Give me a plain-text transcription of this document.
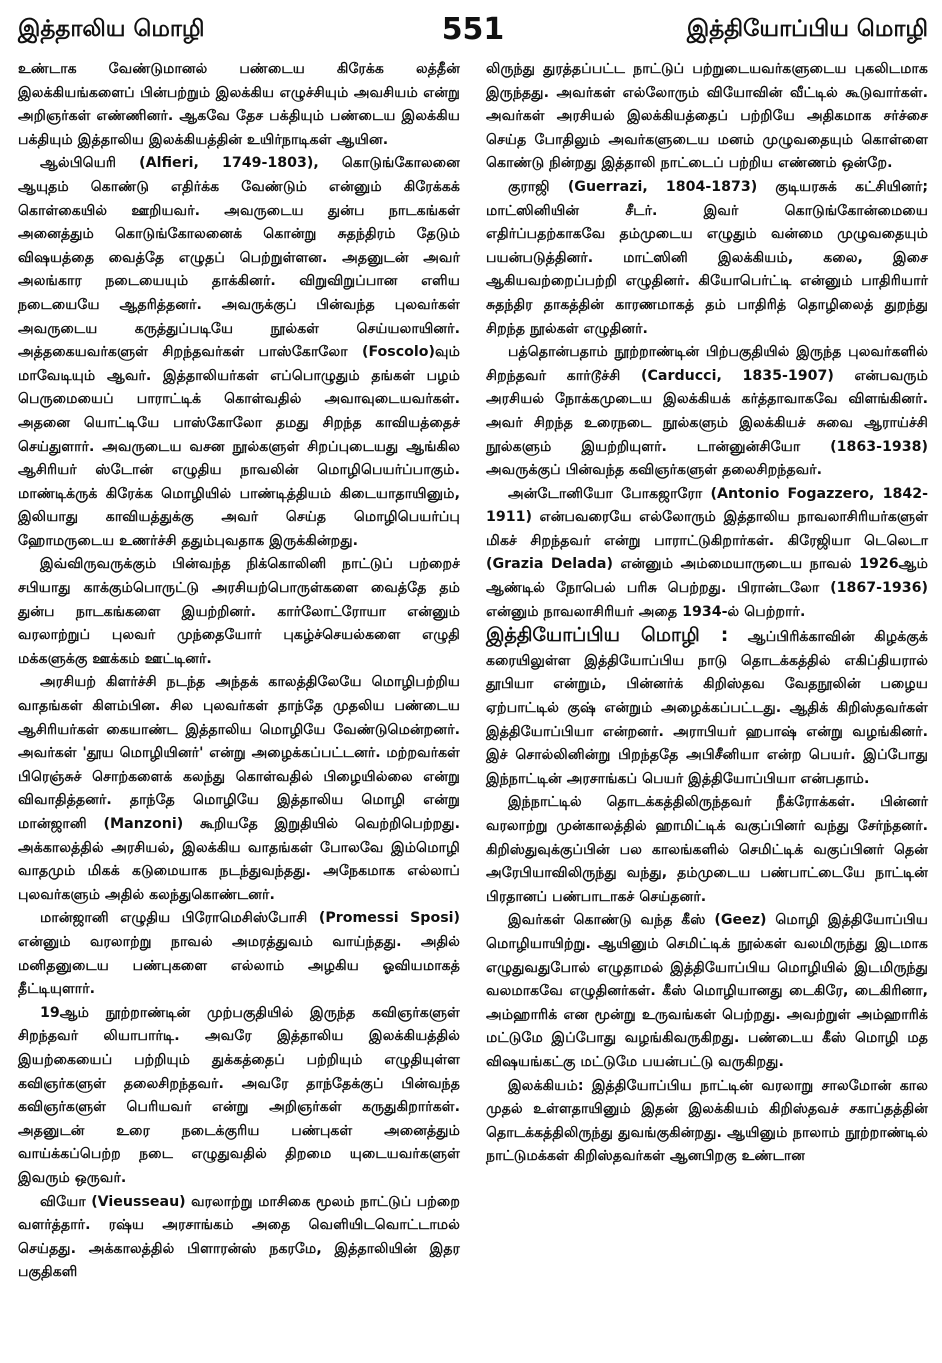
இத்தாலிய மொழி	551	இத்தியோப்பிய மொழி

உண்டாக வேண்டுமானல் பண்டைய கிரேக்க லத்தீன் இலக்கியங்களைப் பின்பற்றும் இலக்கிய எழுச்சியும் அவசியம் என்று அறிஞர்கள் எண்ணினர். ஆகவே தேச பக்தியும் பண்டைய இலக்கிய பக்தியும் இத்தாலிய இலக்கியத்தின் உயிர்நாடிகள் ஆயின.

ஆல்பியெரி (Alfieri, 1749-1803), கொடுங்கோலனை ஆயுதம் கொண்டு எதிர்க்க வேண்டும் என்னும் கிரேக்கக் கொள்கையில் ஊறியவர். அவருடைய துன்ப நாடகங்கள் அனைத்தும் கொடுங்கோலனைக் கொன்று சுதந்திரம் தேடும் விஷயத்தை வைத்தே எழுதப் பெற்றுள்ளன. அதனுடன் அவர் அலங்கார நடையையும் தாக்கினர். விறுவிறுப்பான எளிய நடையையே ஆதரித்தனர். அவருக்குப் பின்வந்த புலவர்கள் அவருடைய கருத்துப்படியே நூல்கள் செய்யலாயினர். அத்தகையவர்களுள் சிறந்தவர்கள் பாஸ்கோலோ (Foscolo)வும் மாவேடியும் ஆவர். இத்தாலியர்கள் எப்பொழுதும் தங்கள் பழம் பெருமையைப் பாராட்டிக் கொள்வதில் அவாவுடையவர்கள். அதனை யொட்டியே பாஸ்கோலோ தமது சிறந்த காவியத்தைச் செய்துளார். அவருடைய வசன நூல்களுள் சிறப்புடையது ஆங்கில ஆசிரியர் ஸ்டோன் எழுதிய நாவலின் மொழிபெயர்ப்பாகும். மாண்டிக்ருக் கிரேக்க மொழியில் பாண்டித்தியம் கிடையாதாயினும், இலியாது காவியத்துக்கு அவர் செய்த மொழிபெயர்ப்பு ஹோமருடைய உணர்ச்சி ததும்புவதாக இருக்கின்றது.

இவ்விருவருக்கும் பின்வந்த நிக்கொலினி நாட்டுப் பற்றைச் சபியாது காக்கும்பொருட்டு அரசியற்பொருள்களை வைத்தே தம் துன்ப நாடகங்களை இயற்றினர். கார்லோட்ரோயா என்னும் வரலாற்றுப் புலவர் முந்தையோர் புகழ்ச்செயல்களை எழுதி மக்களுக்கு ஊக்கம் ஊட்டினர்.

அரசியற் கிளர்ச்சி நடந்த அந்தக் காலத்திலேயே மொழிபற்றிய வாதங்கள் கிளம்பின. சில புலவர்கள் தாந்தே முதலிய பண்டைய ஆசிரியர்கள் கையாண்ட இத்தாலிய மொழியே வேண்டுமென்றனர். அவர்கள் 'தூய மொழியினர்' என்று அழைக்கப்பட்டனர். மற்றவர்கள் பிரெஞ்சுச் சொற்களைக் கலந்து கொள்வதில் பிழையில்லை என்று விவாதித்தனர். தாந்தே மொழியே இத்தாலிய மொழி என்று மான்ஜானி (Manzoni) கூறியதே இறுதியில் வெற்றிபெற்றது. அக்காலத்தில் அரசியல், இலக்கிய வாதங்கள் போலவே இம்மொழி வாதமும் மிகக் கடுமையாக நடந்துவந்தது. அநேகமாக எல்லாப் புலவர்களும் அதில் கலந்துகொண்டனர்.

மான்ஜானி எழுதிய பிரோமெசிஸ்போசி (Promessi Sposi) என்னும் வரலாற்று நாவல் அமரத்துவம் வாய்ந்தது. அதில் மனிதனுடைய பண்புகளை எல்லாம் அழகிய ஓவியமாகத் தீட்டியுளார்.

19ஆம் நூற்றாண்டின் முற்பகுதியில் இருந்த கவிஞர்களுள் சிறந்தவர் லியாபார்டி. அவரே இத்தாலிய இலக்கியத்தில் இயற்கையைப் பற்றியும் துக்கத்தைப் பற்றியும் எழுதியுள்ள கவிஞர்களுள் தலைசிறந்தவர். அவரே தாந்தேக்குப் பின்வந்த கவிஞர்களுள் பெரியவர் என்று அறிஞர்கள் கருதுகிறார்கள். அதனுடன் உரை நடைக்குரிய பண்புகள் அனைத்தும் வாய்க்கப்பெற்ற நடை எழுதுவதில் திறமை யுடையவர்களுள் இவரும் ஒருவர்.

வியோ (Vieusseau) வரலாற்று மாசிகை மூலம் நாட்டுப் பற்றை வளர்த்தார். ரஷ்ய அரசாங்கம் அதை வெளியிடவொட்டாமல் செய்தது. அக்காலத்தில் பிளாரன்ஸ் நகரமே, இத்தாலியின் இதர பகுதிகளி

லிருந்து துரத்தப்பட்ட நாட்டுப் பற்றுடையவர்களுடைய புகலிடமாக இருந்தது. அவர்கள் எல்லோரும் வியோவின் வீட்டில் கூடுவார்கள். அவர்கள் அரசியல் இலக்கியத்தைப் பற்றியே அதிகமாக சர்ச்சை செய்த போதிலும் அவர்களுடைய மனம் முழுவதையும் கொள்ளை கொண்டு நின்றது இத்தாலி நாட்டைப் பற்றிய எண்ணம் ஒன்றே.

குராஜி (Guerrazi, 1804-1873) குடியரசுக் கட்சியினர்; மாட்ஸினியின் சீடர். இவர் கொடுங்கோன்மையை எதிர்ப்பதற்காகவே தம்முடைய எழுதும் வன்மை முழுவதையும் பயன்படுத்தினர். மாட்ஸினி இலக்கியம், கலை, இசை ஆகியவற்றைப்பற்றி எழுதினர். கியோபெர்ட்டி என்னும் பாதிரியார் சுதந்திர தாகத்தின் காரணமாகத் தம் பாதிரித் தொழிலைத் துறந்து சிறந்த நூல்கள் எழுதினர்.

பத்தொன்பதாம் நூற்றாண்டின் பிற்பகுதியில் இருந்த புலவர்களில் சிறந்தவர் கார்டூச்சி (Carducci, 1835-1907) என்பவரும் அரசியல் நோக்கமுடைய இலக்கியக் கர்த்தாவாகவே விளங்கினர். அவர் சிறந்த உரைநடை நூல்களும் இலக்கியச் சுவை ஆராய்ச்சி நூல்களும் இயற்றியுளர். டான்னுன்சியோ (1863-1938) அவருக்குப் பின்வந்த கவிஞர்களுள் தலைசிறந்தவர்.

அன்டோனியோ போகஜாரோ (Antonio Fogazzero, 1842-1911) என்பவரையே எல்லோரும் இத்தாலிய நாவலாசிரியர்களுள் மிகச் சிறந்தவர் என்று பாராட்டுகிறார்கள். கிரேஜியா டெலெடா (Grazia Delada) என்னும் அம்மையாருடைய நாவல் 1926ஆம் ஆண்டில் நோபெல் பரிசு பெற்றது. பிரான்டலோ (1867-1936) என்னும் நாவலாசிரியர் அதை 1934-ல் பெற்றார்.

இத்தியோப்பிய மொழி : ஆப்பிரிக்காவின் கிழக்குக் கரையிலுள்ள இத்தியோப்பிய நாடு தொடக்கத்தில் எகிப்தியரால் தூபியா என்றும், பின்னர்க் கிறிஸ்தவ வேதநூலின் பழைய ஏற்பாட்டில் குஷ் என்றும் அழைக்கப்பட்டது. ஆதிக் கிறிஸ்தவர்கள் இத்தியோப்பியா என்றனர். அராபியர் ஹபாஷ் என்று வழங்கினர். இச் சொல்லினின்று பிறந்ததே அபிசீனியா என்ற பெயர். இப்போது இந்நாட்டின் அரசாங்கப் பெயர் இத்தியோப்பியா என்பதாம்.

இந்நாட்டில் தொடக்கத்திலிருந்தவர் நீக்ரோக்கள். பின்னர் வரலாற்று முன்காலத்தில் ஹாமிட்டிக் வகுப்பினர் வந்து சேர்ந்தனர். கிறிஸ்துவுக்குப்பின் பல காலங்களில் செமிட்டிக் வகுப்பினர் தென் அரேபியாவிலிருந்து வந்து, தம்முடைய பண்பாட்டையே நாட்டின் பிரதானப் பண்பாடாகச் செய்தனர்.

இவர்கள் கொண்டு வந்த கீஸ் (Geez) மொழி இத்தியோப்பிய மொழியாயிற்று. ஆயினும் செமிட்டிக் நூல்கள் வலமிருந்து இடமாக எழுதுவதுபோல் எழுதாமல் இத்தியோப்பிய மொழியில் இடமிருந்து வலமாகவே எழுதினர்கள். கீஸ் மொழியானது டைகிரே, டைகிரினா, அம்ஹாரிக் என மூன்று உருவங்கள் பெற்றது. அவற்றுள் அம்ஹாரிக் மட்டுமே இப்போது வழங்கிவருகிறது. பண்டைய கீஸ் மொழி மத விஷயங்கட்கு மட்டுமே பயன்பட்டு வருகிறது.

இலக்கியம்: இத்தியோப்பிய நாட்டின் வரலாறு சாலமோன் கால முதல் உள்ளதாயினும் இதன் இலக்கியம் கிறிஸ்தவச் சகாப்தத்தின் தொடக்கத்திலிருந்து துவங்குகின்றது. ஆயினும் நாலாம் நூற்றாண்டில் நாட்டுமக்கள் கிறிஸ்தவர்கள் ஆனபிறகு உண்டான
